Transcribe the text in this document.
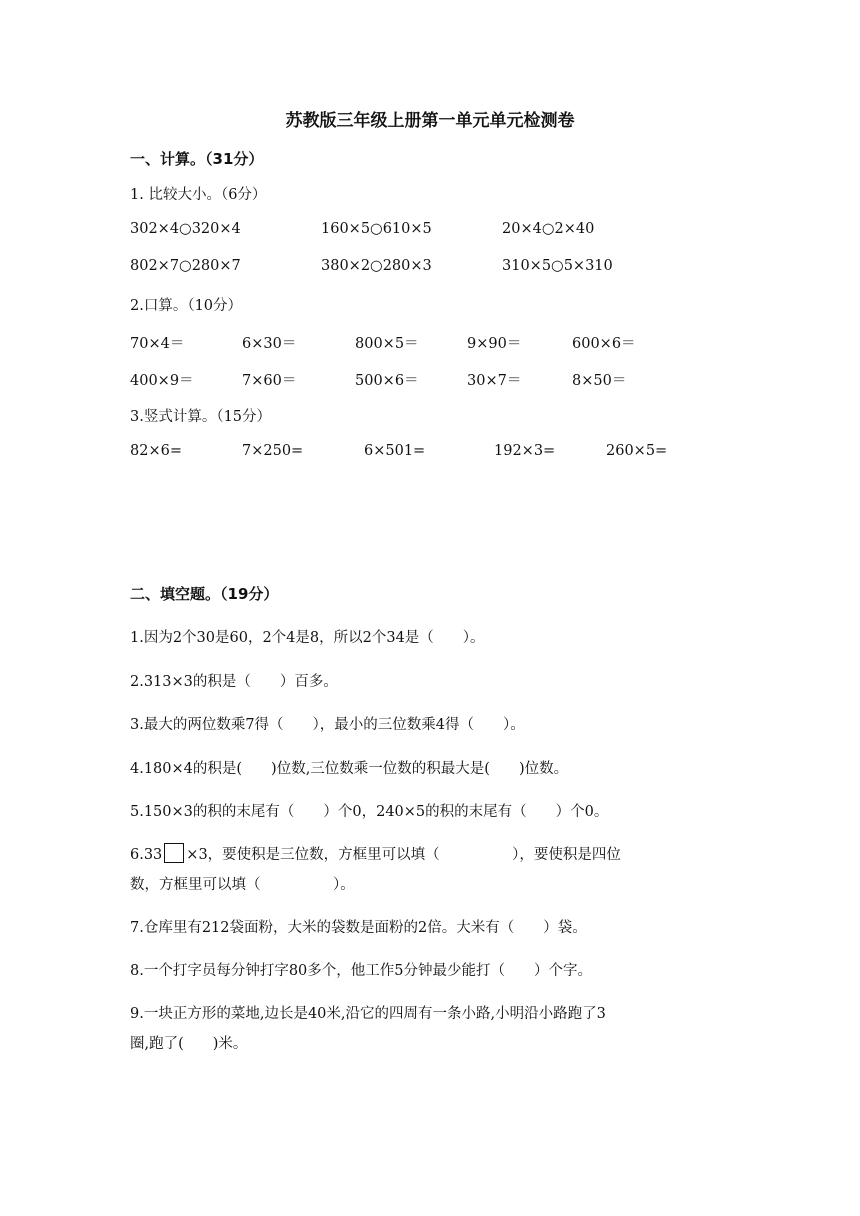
苏教版三年级上册第一单元单元检测卷
一、计算。（31分）
1. 比较大小。（6分）
302×4○320×4	160×5○610×5	20×4○2×40
802×7○280×7	380×2○280×3	310×5○5×310
2.口算。（10分）
70×4＝	6×30＝	800×5＝	9×90＝	600×6＝
400×9＝	7×60＝	500×6＝	30×7＝	8×50＝
3.竖式计算。（15分）
82×6=	7×250=	6×501=	192×3=	260×5=
二、填空题。（19分）
1.因为2个30是60，2个4是8，所以2个34是（　　）。
2.313×3的积是（　　）百多。
3.最大的两位数乘7得（　　），最小的三位数乘4得（　　）。
4.180×4的积是(　　)位数,三位数乘一位数的积最大是(　　)位数。
5.150×3的积的末尾有（　　）个0，240×5的积的末尾有（　　）个0。
6.33 ×3，要使积是三位数，方框里可以填（　　　　　），要使积是四位
数，方框里可以填（　　　　　）。
7.仓库里有212袋面粉，大米的袋数是面粉的2倍。大米有（　　）袋。
8.一个打字员每分钟打字80多个，他工作5分钟最少能打（　　）个字。
9.一块正方形的菜地,边长是40米,沿它的四周有一条小路,小明沿小路跑了3
圈,跑了(　　)米。
